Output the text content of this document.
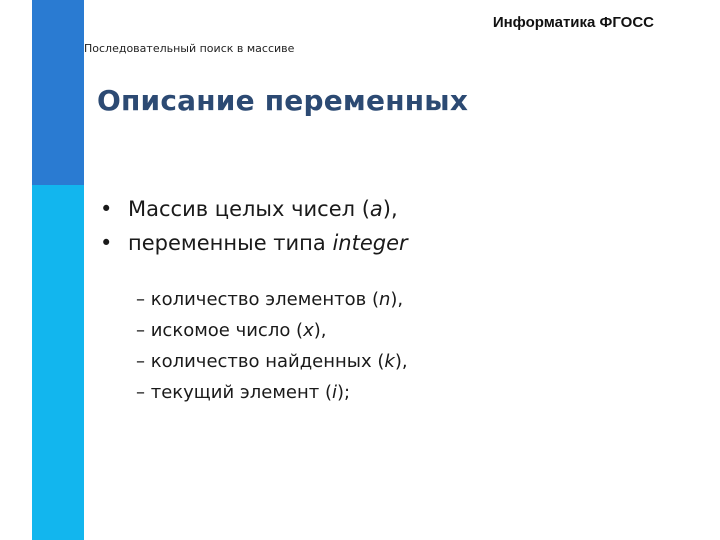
Информатика ФГОСС
Последовательный поиск в массиве
Описание переменных
• Массив целых чисел (a),
• переменные типа integer
– количество элементов (n),
– искомое число (x),
– количество найденных (k),
– текущий элемент (i);
